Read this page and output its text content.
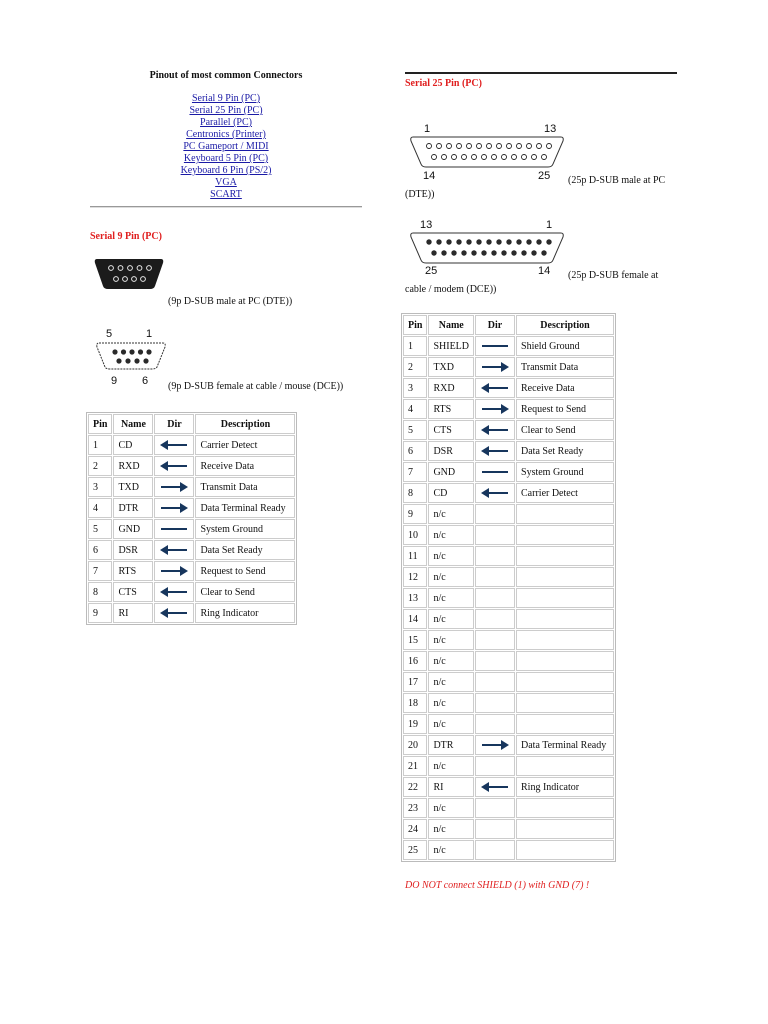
Pinout of most common Connectors
Serial 9 Pin (PC)
Serial 25 Pin (PC)
Parallel (PC)
Centronics (Printer)
PC Gameport / MIDI
Keyboard 5 Pin (PC)
Keyboard 6 Pin (PS/2)
VGA
SCART
Serial 9 Pin (PC)
(9p D-SUB male at PC (DTE))
5	1
9 6 (9p D-SUB female at cable / mouse (DCE))
Pin	Name	Dir	Description
1	CD		Carrier Detect
2	RXD		Receive Data
3	TXD		Transmit Data
4	DTR		Data Terminal Ready
5	GND		System Ground
6	DSR		Data Set Ready
7	RTS		Request to Send
8	CTS		Clear to Send
9	RI		Ring Indicator
Serial 25 Pin (PC)
1	13
14	25	(25p D-SUB male at PC (DTE))
13	1
25	14	(25p D-SUB female at cable / modem (DCE))
Pin	Name	Dir	Description
1	SHIELD		Shield Ground
2	TXD		Transmit Data
3	RXD		Receive Data
4	RTS		Request to Send
5	CTS		Clear to Send
6	DSR		Data Set Ready
7	GND		System Ground
8	CD		Carrier Detect
9	n/c		
10	n/c		
11	n/c		
12	n/c		
13	n/c		
14	n/c		
15	n/c		
16	n/c		
17	n/c		
18	n/c		
19	n/c		
20	DTR		Data Terminal Ready
21	n/c		
22	RI		Ring Indicator
23	n/c		
24	n/c		
25	n/c		
DO NOT connect SHIELD (1) with GND (7) !
